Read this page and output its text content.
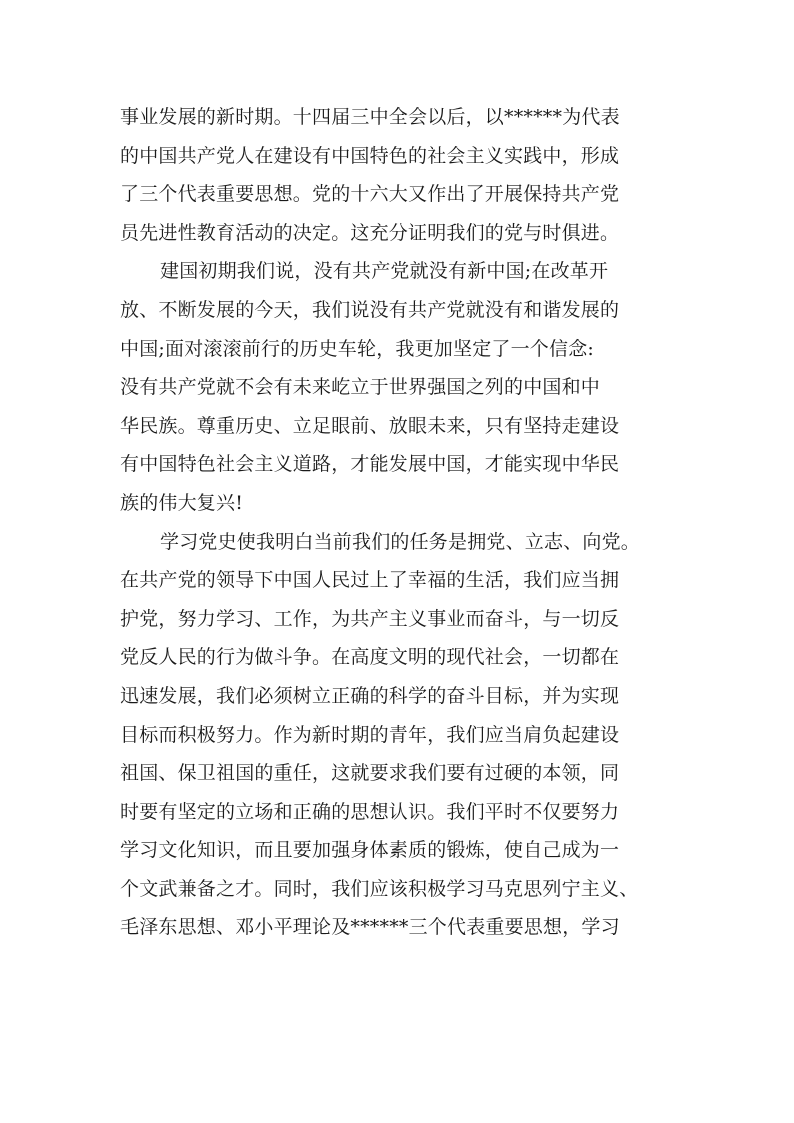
事业发展的新时期。十四届三中全会以后，以******为代表
的中国共产党人在建设有中国特色的社会主义实践中，形成
了三个代表重要思想。党的十六大又作出了开展保持共产党
员先进性教育活动的决定。这充分证明我们的党与时俱进。
建国初期我们说，没有共产党就没有新中国;在改革开
放、不断发展的今天，我们说没有共产党就没有和谐发展的
中国;面对滚滚前行的历史车轮，我更加坚定了一个信念:
没有共产党就不会有未来屹立于世界强国之列的中国和中
华民族。尊重历史、立足眼前、放眼未来，只有坚持走建设
有中国特色社会主义道路，才能发展中国，才能实现中华民
族的伟大复兴!
学习党史使我明白当前我们的任务是拥党、立志、向党。
在共产党的领导下中国人民过上了幸福的生活，我们应当拥
护党，努力学习、工作，为共产主义事业而奋斗，与一切反
党反人民的行为做斗争。在高度文明的现代社会，一切都在
迅速发展，我们必须树立正确的科学的奋斗目标，并为实现
目标而积极努力。作为新时期的青年，我们应当肩负起建设
祖国、保卫祖国的重任，这就要求我们要有过硬的本领，同
时要有坚定的立场和正确的思想认识。我们平时不仅要努力
学习文化知识，而且要加强身体素质的锻炼，使自己成为一
个文武兼备之才。同时，我们应该积极学习马克思列宁主义、
毛泽东思想、邓小平理论及******三个代表重要思想，学习
